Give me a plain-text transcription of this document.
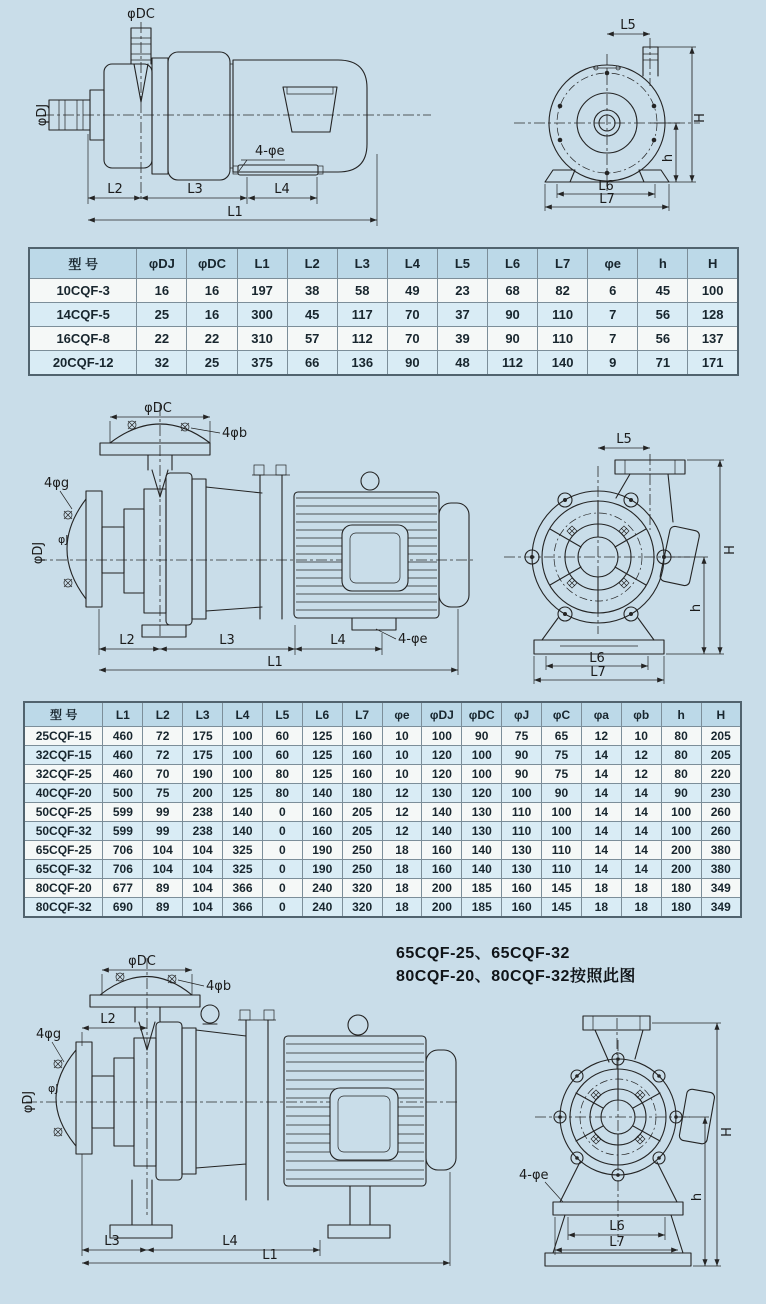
φDJ
φDC
4-φe
L2	L3	L4
L1
L5
H
h
L6
L7
型 号	φDJ	φDC	L1	L2	L3	L4	L5	L6	L7	φe	h	H
10CQF-3	16	16	197	38	58	49	23	68	82	6	45	100
14CQF-5	25	16	300	45	117	70	37	90	110	7	56	128
16CQF-8	22	22	310	57	112	70	39	90	110	7	56	137
20CQF-12	32	25	375	66	136	90	48	112	140	9	71	171
φDC
4φb
4φg
φJ
φDJ
4-φe
L2	L3	L4
L1
L5
H
h
L6
L7
型 号	L1	L2	L3	L4	L5	L6	L7	φe	φDJ	φDC	φJ	φC	φa	φb	h	H
25CQF-15	460	72	175	100	60	125	160	10	100	90	75	65	12	10	80	205
32CQF-15	460	72	175	100	60	125	160	10	120	100	90	75	14	12	80	205
32CQF-25	460	70	190	100	80	125	160	10	120	100	90	75	14	12	80	220
40CQF-20	500	75	200	125	80	140	180	12	130	120	100	90	14	14	90	230
50CQF-25	599	99	238	140	0	160	205	12	140	130	110	100	14	14	100	260
50CQF-32	599	99	238	140	0	160	205	12	140	130	110	100	14	14	100	260
65CQF-25	706	104	104	325	0	190	250	18	160	140	130	110	14	14	200	380
65CQF-32	706	104	104	325	0	190	250	18	160	140	130	110	14	14	200	380
80CQF-20	677	89	104	366	0	240	320	18	200	185	160	145	18	18	180	349
80CQF-32	690	89	104	366	0	240	320	18	200	185	160	145	18	18	180	349
65CQF-25、65CQF-32
80CQF-20、80CQF-32按照此图
φDC
4φb
L2
4φg
φJ
φDJ
L3	L4
L1
4-φe
H
h
L6
L7
